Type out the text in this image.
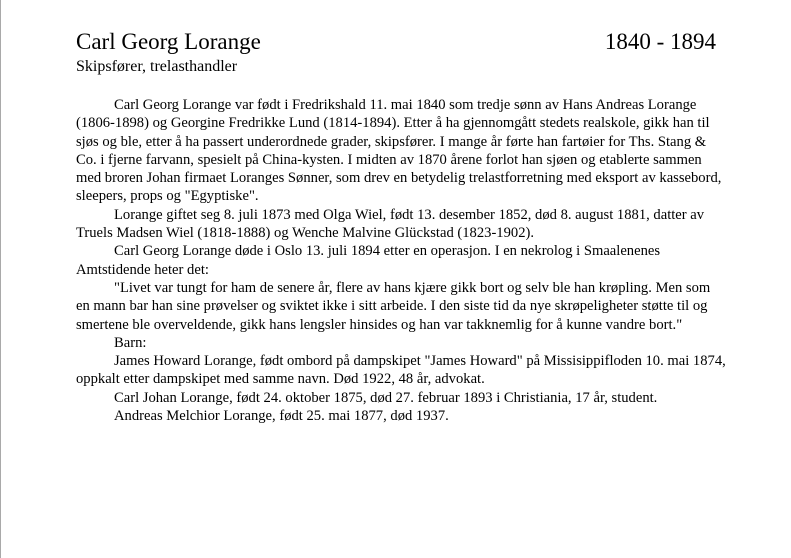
Carl Georg Lorange	1840 - 1894
Skipsfører, trelasthandler

Carl Georg Lorange var født i Fredrikshald 11. mai 1840 som tredje sønn av Hans Andreas Lorange (1806-1898) og Georgine Fredrikke Lund (1814-1894). Etter å ha gjennomgått stedets realskole, gikk han til sjøs og ble, etter å ha passert underordnede grader, skipsfører. I mange år førte han fartøier for Ths. Stang & Co. i fjerne farvann, spesielt på China-kysten. I midten av 1870 årene forlot han sjøen og etablerte sammen med broren Johan firmaet Loranges Sønner, som drev en betydelig trelastforretning med eksport av kassebord, sleepers, props og "Egyptiske".

Lorange giftet seg 8. juli 1873 med Olga Wiel, født 13. desember 1852, død 8. august 1881, datter av Truels Madsen Wiel (1818-1888) og Wenche Malvine Glückstad (1823-1902).

Carl Georg Lorange døde i Oslo 13. juli 1894 etter en operasjon. I en nekrolog i Smaalenenes Amtstidende heter det:

"Livet var tungt for ham de senere år, flere av hans kjære gikk bort og selv ble han krøpling. Men som en mann bar han sine prøvelser og sviktet ikke i sitt arbeide. I den siste tid da nye skrøpeligheter støtte til og smertene ble overveldende, gikk hans lengsler hinsides og han var takknemlig for å kunne vandre bort."

Barn:

James Howard Lorange, født ombord på dampskipet "James Howard" på Missisippifloden 10. mai 1874, oppkalt etter dampskipet med samme navn. Død 1922, 48 år, advokat.

Carl Johan Lorange, født 24. oktober 1875, død 27. februar 1893 i Christiania, 17 år, student.

Andreas Melchior Lorange, født 25. mai 1877, død 1937.
